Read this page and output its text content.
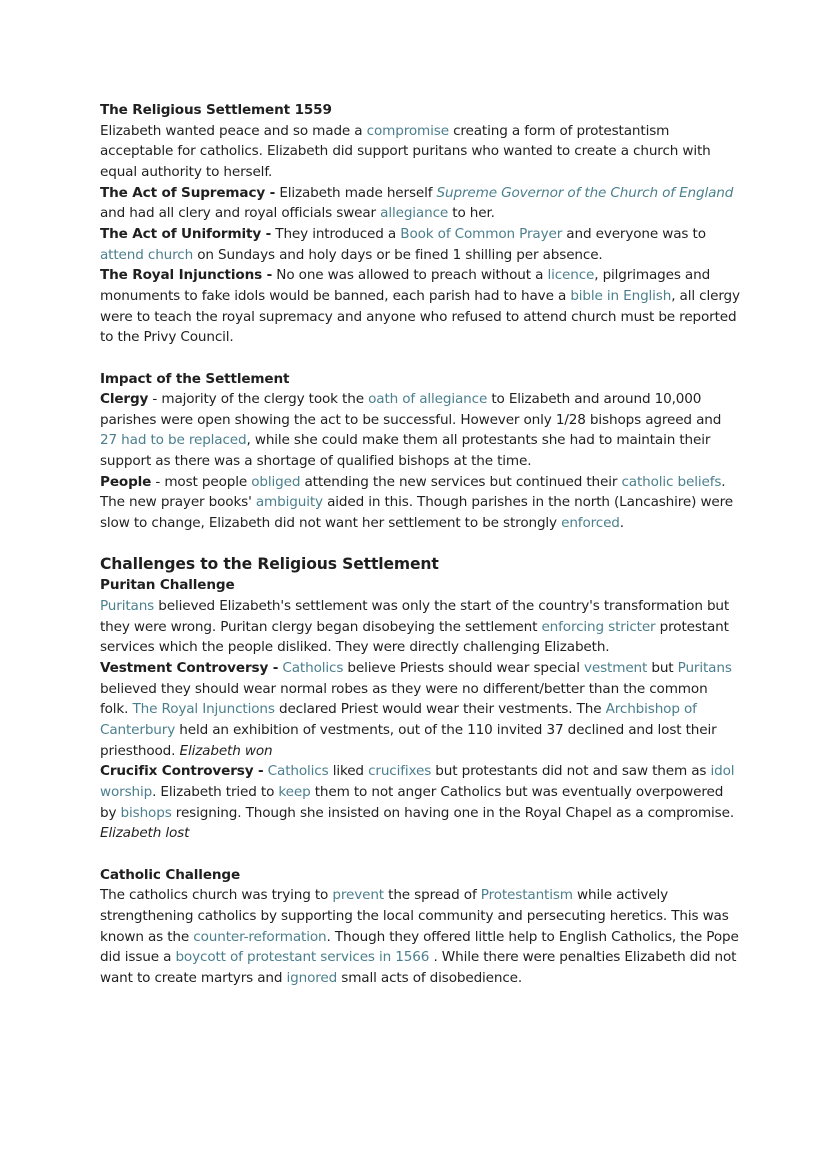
The Religious Settlement 1559

Elizabeth wanted peace and so made a compromise creating a form of protestantism acceptable for catholics. Elizabeth did support puritans who wanted to create a church with equal authority to herself.

The Act of Supremacy - Elizabeth made herself Supreme Governor of the Church of England and had all clery and royal officials swear allegiance to her.

The Act of Uniformity - They introduced a Book of Common Prayer and everyone was to attend church on Sundays and holy days or be fined 1 shilling per absence.

The Royal Injunctions - No one was allowed to preach without a licence, pilgrimages and monuments to fake idols would be banned, each parish had to have a bible in English, all clergy were to teach the royal supremacy and anyone who refused to attend church must be reported to the Privy Council.

Impact of the Settlement

Clergy - majority of the clergy took the oath of allegiance to Elizabeth and around 10,000 parishes were open showing the act to be successful. However only 1/28 bishops agreed and 27 had to be replaced, while she could make them all protestants she had to maintain their support as there was a shortage of qualified bishops at the time.

People - most people obliged attending the new services but continued their catholic beliefs. The new prayer books' ambiguity aided in this. Though parishes in the north (Lancashire) were slow to change, Elizabeth did not want her settlement to be strongly enforced.

Challenges to the Religious Settlement
Puritan Challenge

Puritans believed Elizabeth's settlement was only the start of the country's transformation but they were wrong. Puritan clergy began disobeying the settlement enforcing stricter protestant services which the people disliked. They were directly challenging Elizabeth.

Vestment Controversy - Catholics believe Priests should wear special vestment but Puritans believed they should wear normal robes as they were no different/better than the common folk. The Royal Injunctions declared Priest would wear their vestments. The Archbishop of Canterbury held an exhibition of vestments, out of the 110 invited 37 declined and lost their priesthood. Elizabeth won

Crucifix Controversy - Catholics liked crucifixes but protestants did not and saw them as idol worship. Elizabeth tried to keep them to not anger Catholics but was eventually overpowered by bishops resigning. Though she insisted on having one in the Royal Chapel as a compromise. Elizabeth lost

Catholic Challenge

The catholics church was trying to prevent the spread of Protestantism while actively strengthening catholics by supporting the local community and persecuting heretics. This was known as the counter-reformation. Though they offered little help to English Catholics, the Pope did issue a boycott of protestant services in 1566 . While there were penalties Elizabeth did not want to create martyrs and ignored small acts of disobedience.
